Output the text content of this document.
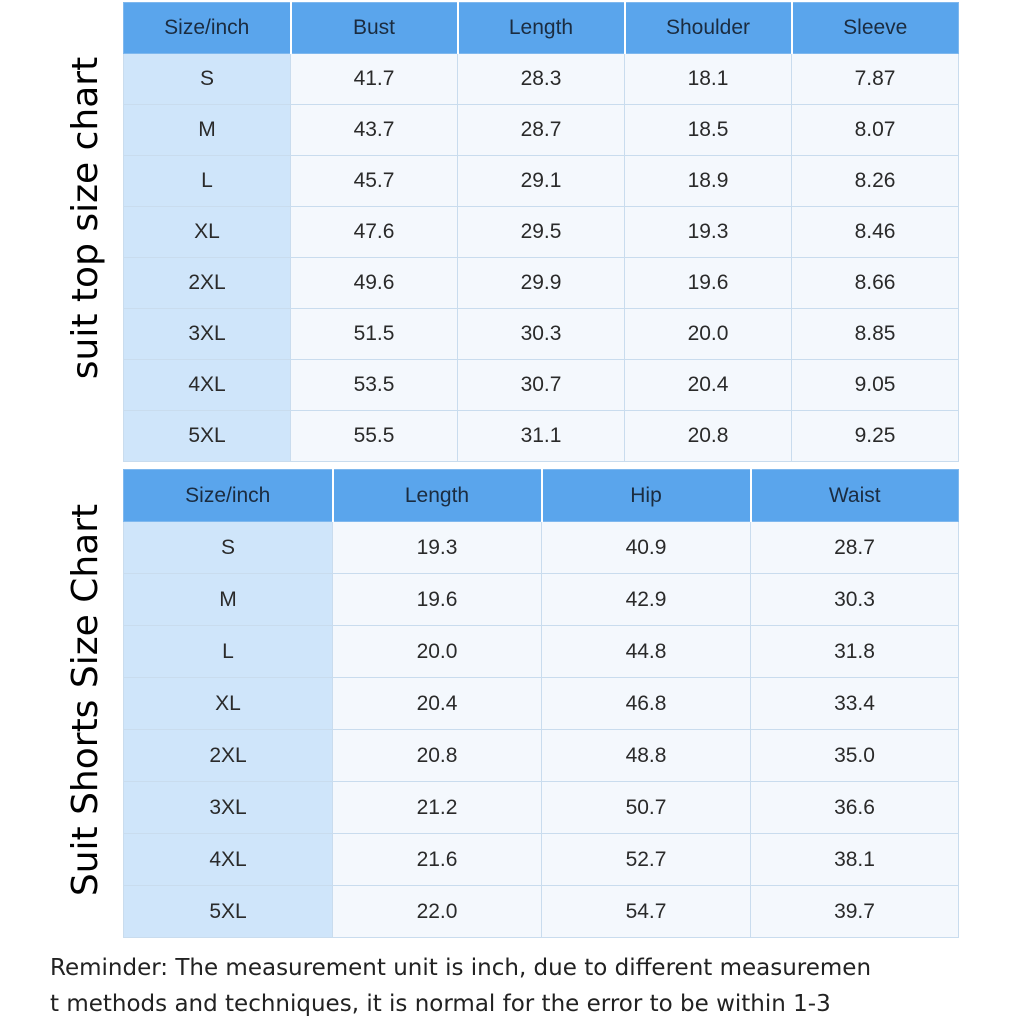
suit top size chart
Size/inch	Bust	Length	Shoulder	Sleeve
S	41.7	28.3	18.1	7.87
M	43.7	28.7	18.5	8.07
L	45.7	29.1	18.9	8.26
XL	47.6	29.5	19.3	8.46
2XL	49.6	29.9	19.6	8.66
3XL	51.5	30.3	20.0	8.85
4XL	53.5	30.7	20.4	9.05
5XL	55.5	31.1	20.8	9.25
Suit Shorts Size Chart
Size/inch	Length	Hip	Waist
S	19.3	40.9	28.7
M	19.6	42.9	30.3
L	20.0	44.8	31.8
XL	20.4	46.8	33.4
2XL	20.8	48.8	35.0
3XL	21.2	50.7	36.6
4XL	21.6	52.7	38.1
5XL	22.0	54.7	39.7
Reminder: The measurement unit is inch, due to different measuremen
t methods and techniques, it is normal for the error to be within 1-3
